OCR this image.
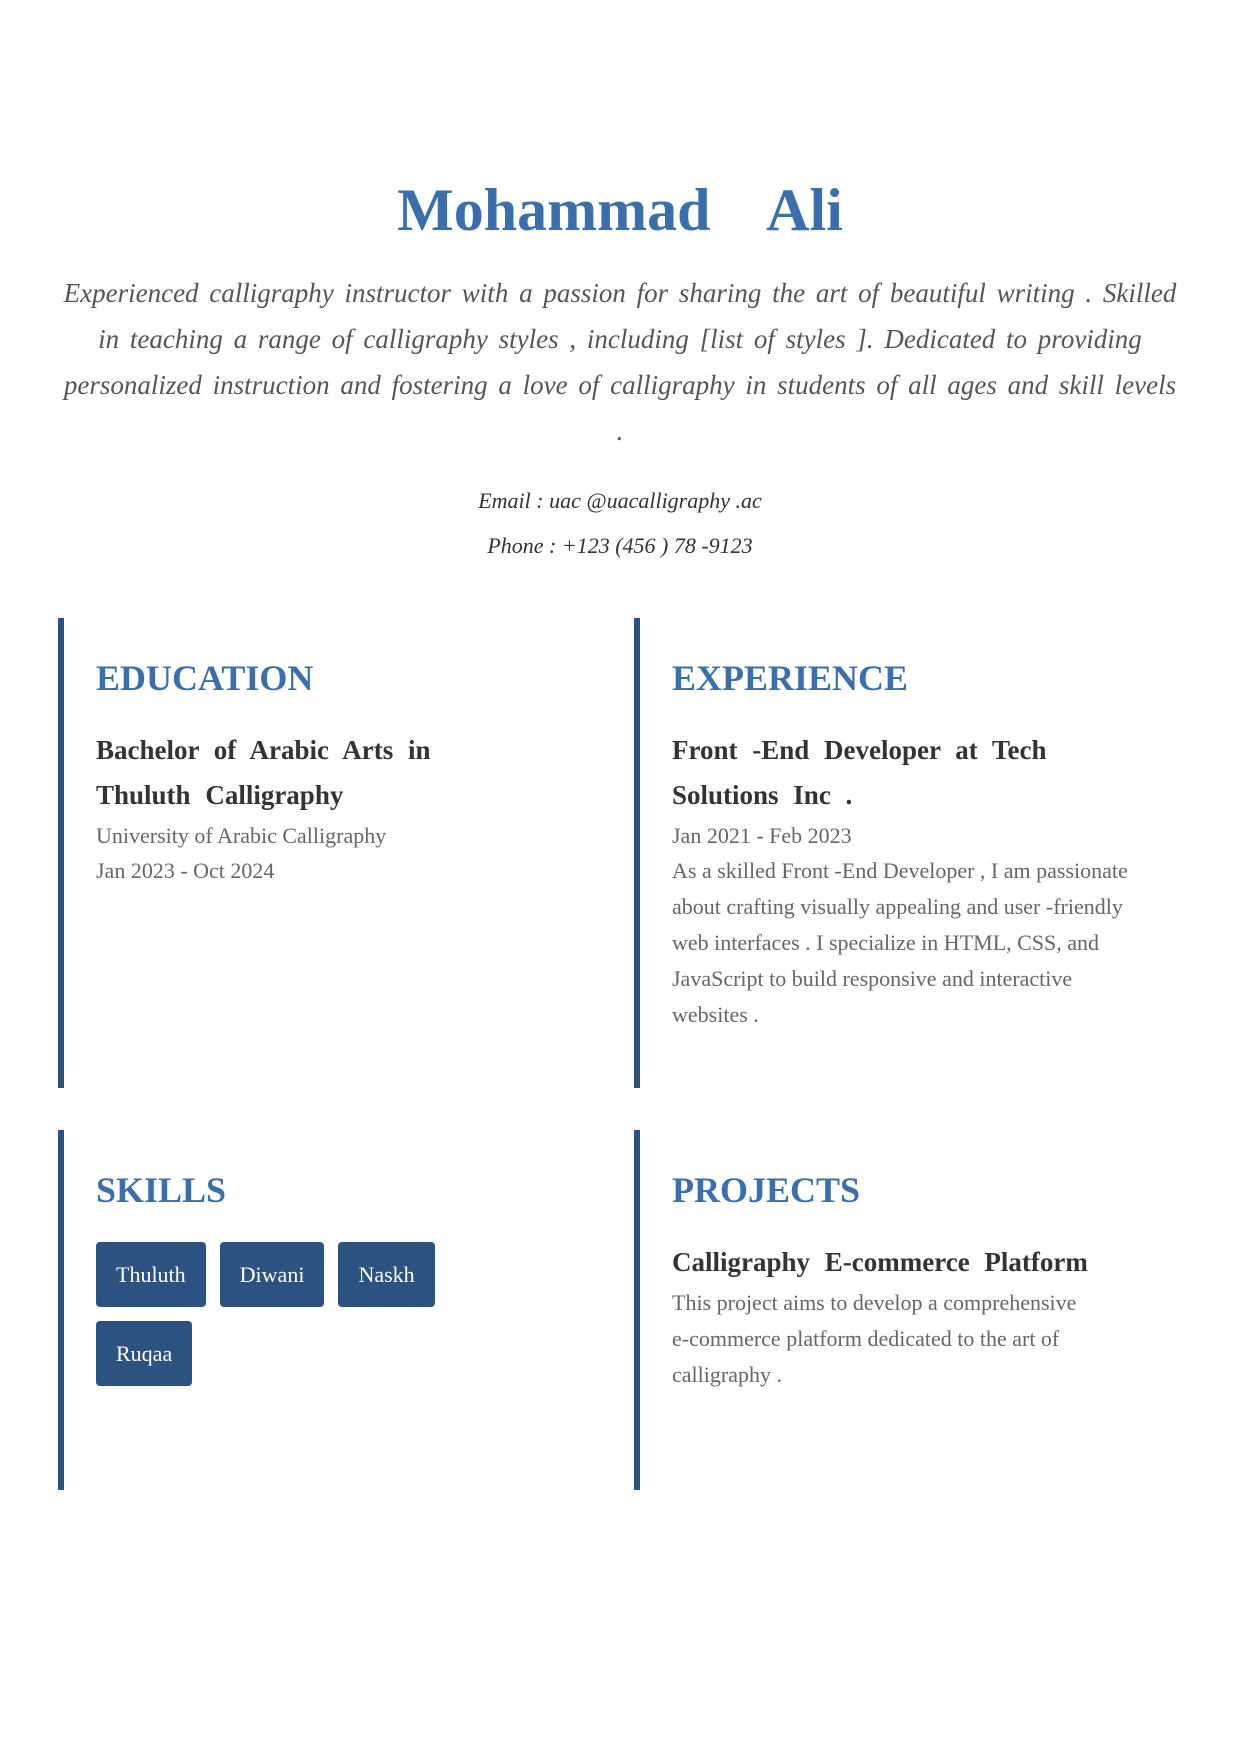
Mohammad Ali

Experienced calligraphy instructor with a passion for sharing the art of beautiful writing . Skilled in teaching a range of calligraphy styles , including [list of styles ]. Dedicated to providing personalized instruction and fostering a love of calligraphy in students of all ages and skill levels .

Email : uac @uacalligraphy .ac
Phone : +123 (456 ) 78 -9123
EDUCATION
Bachelor of Arabic Arts in Thuluth Calligraphy
University of Arabic Calligraphy
Jan 2023 - Oct 2024
EXPERIENCE
Front -End Developer at Tech Solutions Inc .
Jan 2021 - Feb 2023
As a skilled Front -End Developer , I am passionate about crafting visually appealing and user -friendly web interfaces . I specialize in HTML, CSS, and JavaScript to build responsive and interactive websites .
SKILLS
Thuluth	Diwani	Naskh
Ruqaa
PROJECTS
Calligraphy E-commerce Platform
This project aims to develop a comprehensive e-commerce platform dedicated to the art of calligraphy .
